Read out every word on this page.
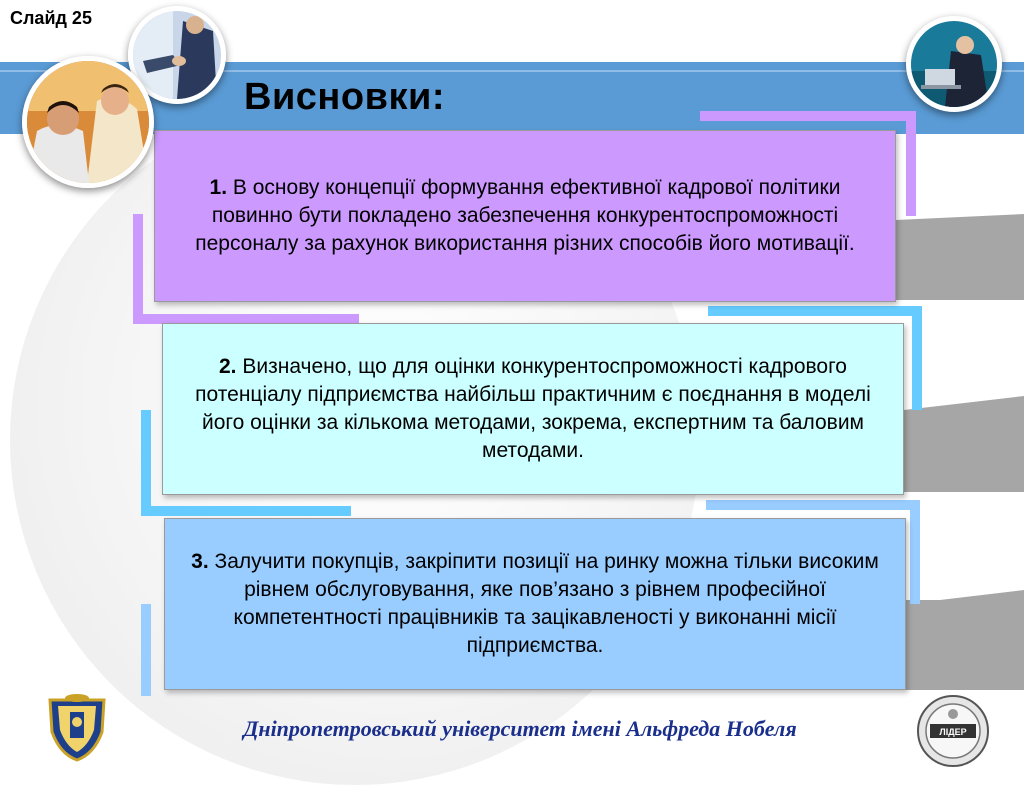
1. В основу концепції формування ефективної кадрової політики повинно бути покладено забезпечення конкурентоспроможності персоналу за рахунок використання різних способів його мотивації.
2. Визначено, що для оцінки конкурентоспроможності кадрового потенціалу підприємства найбільш практичним є поєднання в моделі його оцінки за кількома методами, зокрема, експертним та баловим методами.
3. Залучити покупців, закріпити позиції на ринку можна тільки високим рівнем обслуговування, яке пов’язано з рівнем професійної компетентності працівників та зацікавленості у виконанні місії підприємства.
Слайд 25
Висновки:
Дніпропетровський університет імені Альфреда Нобеля	ЛІДЕР
